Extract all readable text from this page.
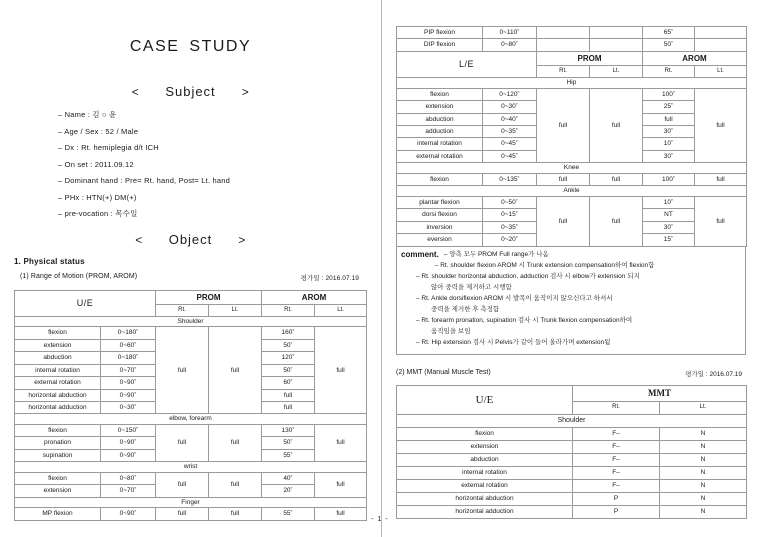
CASE STUDY
< Subject >
– Name : 김 ○ 윤
– Age / Sex : 52 / Male
– Dx : Rt. hemiplegia d/t ICH
– On set : 2011.09.12
– Dominant hand : Pre= Rt. hand, Post= Lt. hand
– PHx : HTN(+) DM(+)
– pre-vocation : 목수일
< Object >
1. Physical status
(1) Range of Motion (PROM, AROM)	평가일 : 2016.07.19
U/E		PROM		AROM	
		Rt.	Lt.	Rt.	Lt.
Shoulder					
flexion	0~180˚	full	full	160˚	full
extension	0~60˚			50˚	
abduction	0~180˚			120˚	
internal rotation	0~70˚			50˚	
external rotation	0~90˚			60˚	
horizontal abduction	0~90˚			full	
horizontal adduction	0~30˚			full	
elbow, forearm					
flexion	0~150˚	full	full	130˚	full
pronation	0~90˚			50˚	
supination	0~90˚			55˚	
wrist					
flexion	0~80˚	full	full	40˚	full
extension	0~70˚			20˚	
Finger					
MP flexion	0~90˚	full	full	55˚	full
PIP flexion	0~110˚			65˚	
DIP flexion	0~80˚			50˚	
L/E		PROM		AROM	
		Rt.	Lt.	Rt.	Lt.
Hip					
flexion	0~120˚	full	full	100˚	full
extension	0~30˚			25˚	
abduction	0~40˚			full	
adduction	0~35˚			30˚	
internal rotation	0~45˚			10˚	
external rotation	0~45˚			30˚	
Knee					
flexion	0~135˚	full	full	100˚	full
Ankle					
plantar flexion	0~50˚	full	full	10˚	full
dorsi flexion	0~15˚			NT	
inversion	0~35˚			30˚	
eversion	0~20˚			15˚	
comment. – 양측 모두 PROM Full range가 나옴
– Rt. shoulder flexion AROM 시 Trunk extension compensation하여 flexion함
– Rt. shoulder horizontal abduction, adduction 검사 시 elbow가 extension 되지
않아 중력을 제거하고 시행함
– Rt. Ankle dorsiflexion AROM 시 발목이 움직이지 않으신다고 하셔서
중력을 제거한 후 측정함
– Rt. forearm pronation, supination 검사 시 Trunk flexion compensation하여
움직임을 보임
– Rt. Hip extension 검사 시 Pelvis가 같이 들어 올라가며 extension됨
(2) MMT (Manual Muscle Test)	평가일 : 2016.07.19
U/E	MMT	
	Rt.	Lt.
Shoulder		
flexion	F–	N
extension	F–	N
abduction	F–	N
internal rotation	F–	N
external rotation	F–	N
horizontal abduction	P	N
horizontal adduction	P	N
- 1 -
